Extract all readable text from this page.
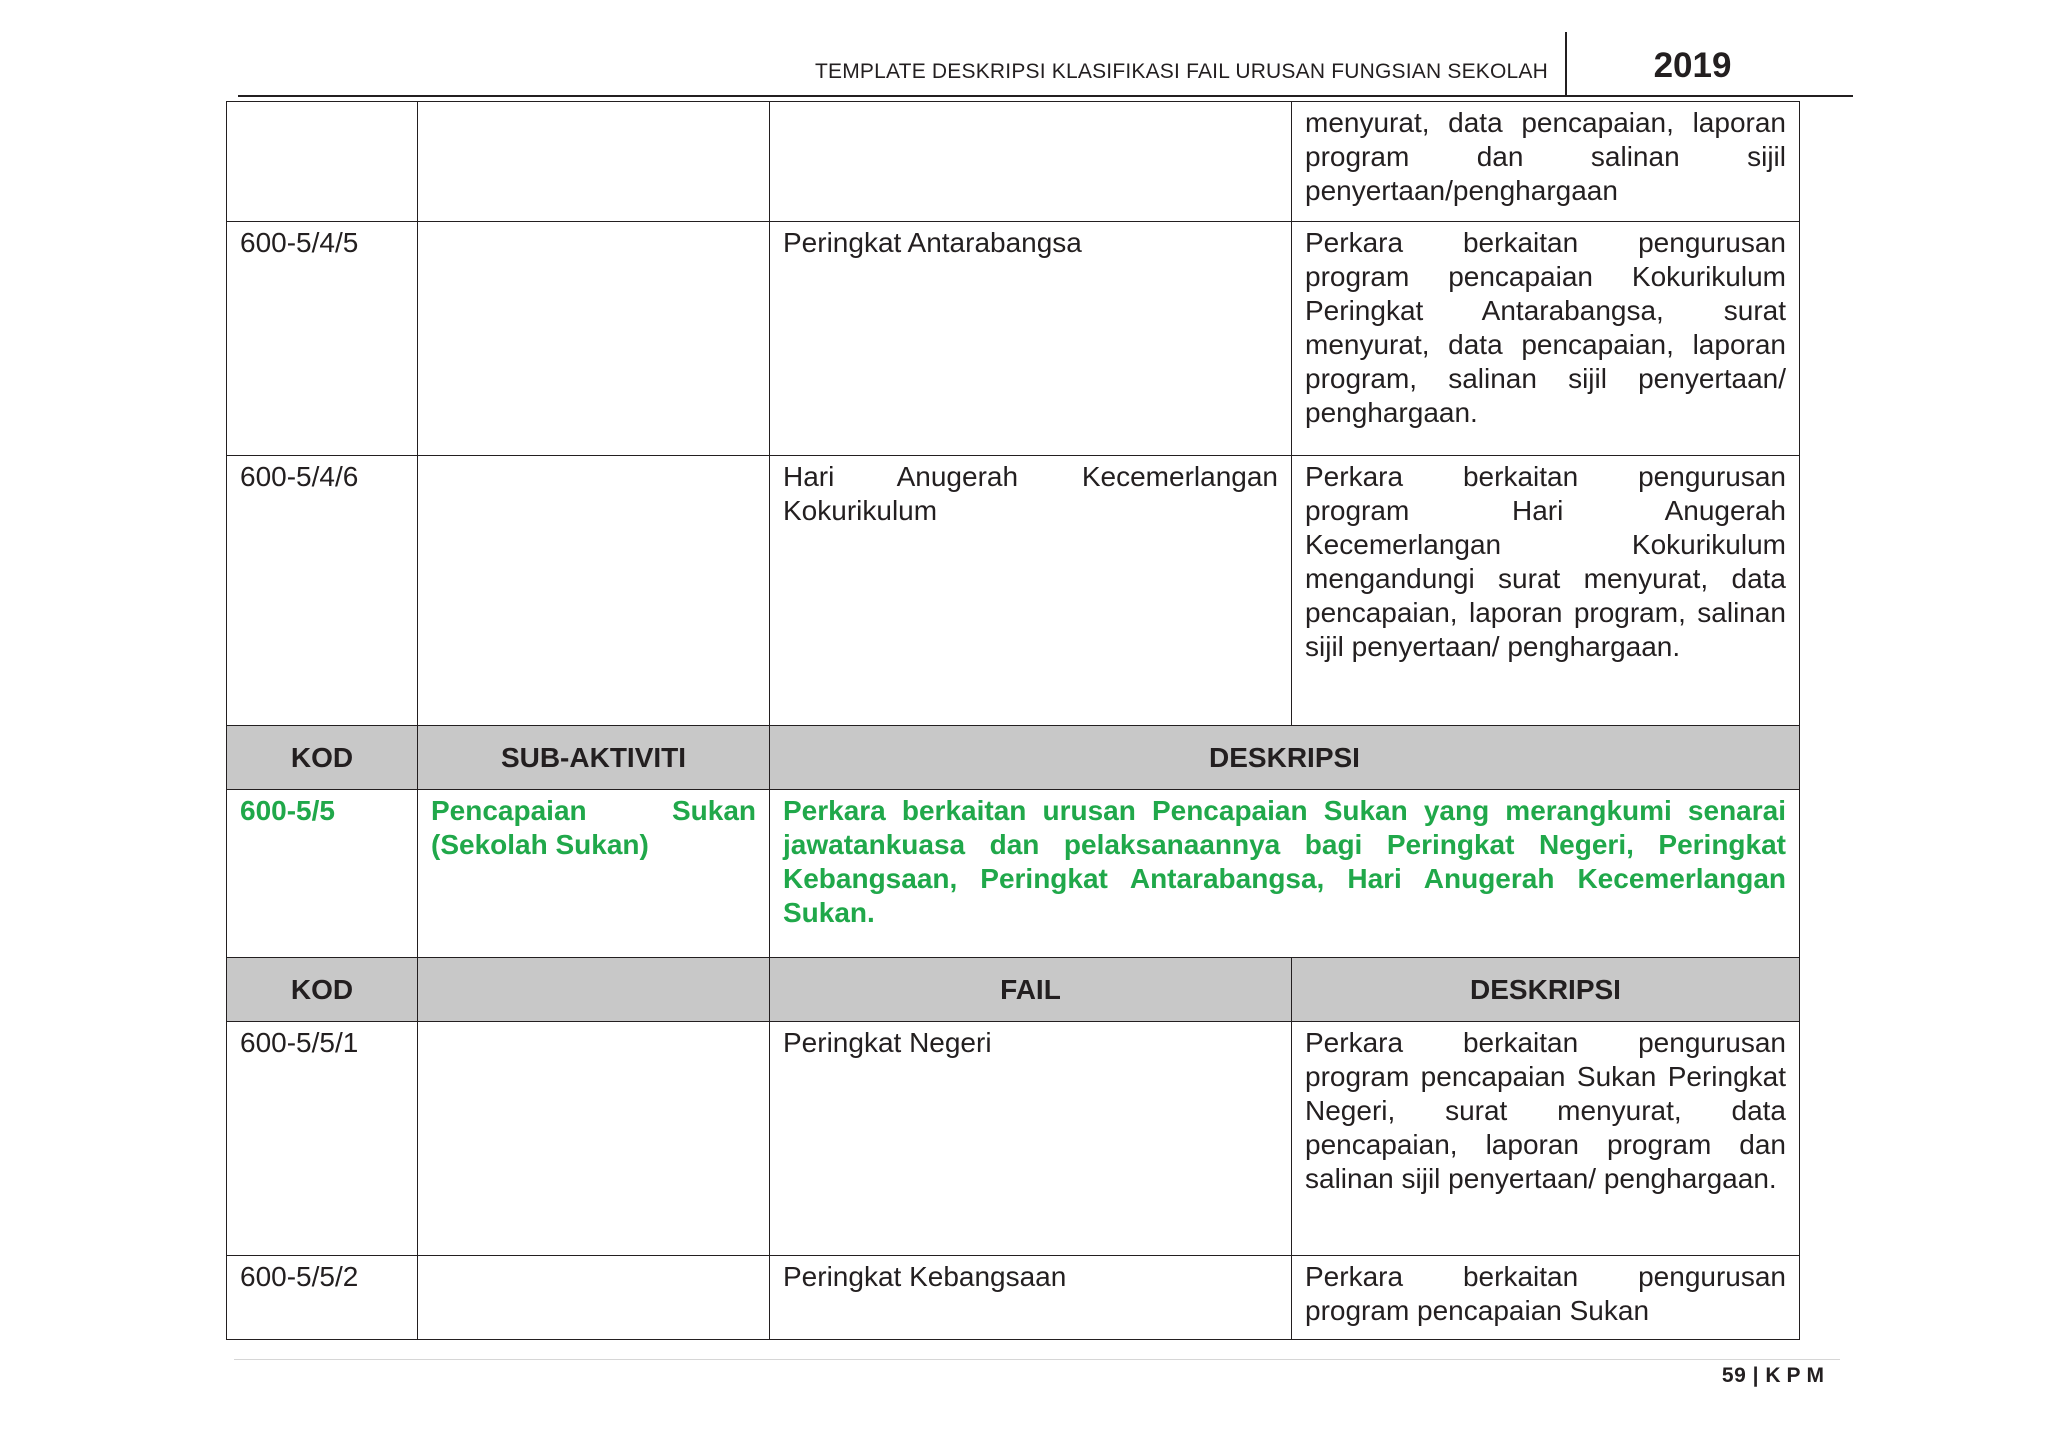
TEMPLATE DESKRIPSI KLASIFIKASI FAIL URUSAN FUNGSIAN SEKOLAH	2019
			menyurat, data pencapaian, laporan program dan salinan sijil penyertaan/penghargaan
600-5/4/5		Peringkat Antarabangsa	Perkara berkaitan pengurusan program pencapaian Kokurikulum Peringkat Antarabangsa, surat menyurat, data pencapaian, laporan program, salinan sijil penyertaan/ penghargaan.
600-5/4/6		Hari Anugerah Kecemerlangan Kokurikulum	Perkara berkaitan pengurusan program Hari Anugerah Kecemerlangan Kokurikulum mengandungi surat menyurat, data pencapaian, laporan program, salinan sijil penyertaan/ penghargaan.
KOD	SUB-AKTIVITI	DESKRIPSI	
600-5/5	Pencapaian Sukan (Sekolah Sukan)	Perkara berkaitan urusan Pencapaian Sukan yang merangkumi senarai jawatankuasa dan pelaksanaannya bagi Peringkat Negeri, Peringkat Kebangsaan, Peringkat Antarabangsa, Hari Anugerah Kecemerlangan Sukan.	
KOD		FAIL	DESKRIPSI
600-5/5/1		Peringkat Negeri	Perkara berkaitan pengurusan program pencapaian Sukan Peringkat Negeri, surat menyurat, data pencapaian, laporan program dan salinan sijil penyertaan/ penghargaan.
600-5/5/2		Peringkat Kebangsaan	Perkara berkaitan pengurusan program pencapaian Sukan
59 | KPM
